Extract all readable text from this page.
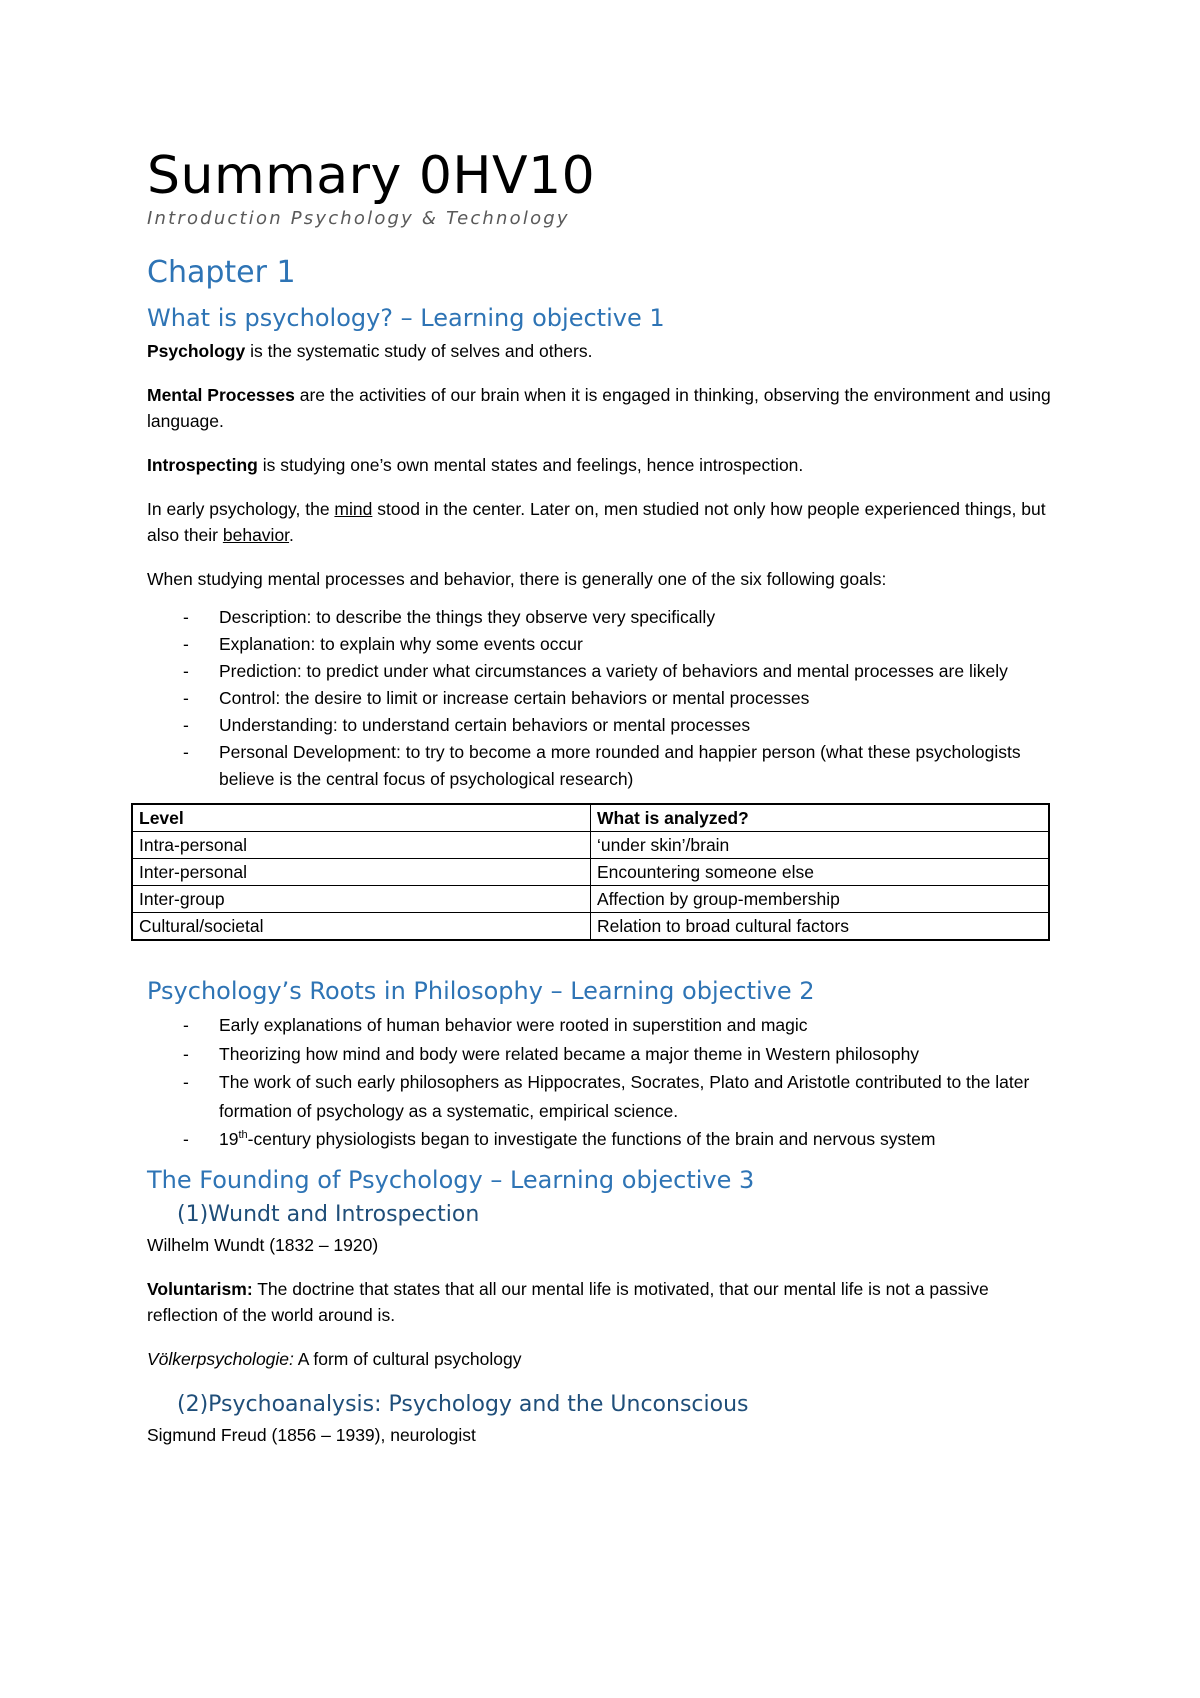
Summary 0HV10
Introduction Psychology & Technology
Chapter 1
What is psychology? – Learning objective 1

Psychology is the systematic study of selves and others.

Mental Processes are the activities of our brain when it is engaged in thinking, observing the environment and using language.

Introspecting is studying one’s own mental states and feelings, hence introspection.

In early psychology, the mind stood in the center. Later on, men studied not only how people experienced things, but also their behavior.

When studying mental processes and behavior, there is generally one of the six following goals:

- Description: to describe the things they observe very specifically
- Explanation: to explain why some events occur
- Prediction: to predict under what circumstances a variety of behaviors and mental processes are likely
- Control: the desire to limit or increase certain behaviors or mental processes
- Understanding: to understand certain behaviors or mental processes
- Personal Development: to try to become a more rounded and happier person (what these psychologists believe is the central focus of psychological research)
Level	What is analyzed?
Intra-personal	‘under skin’/brain
Inter-personal	Encountering someone else
Inter-group	Affection by group-membership
Cultural/societal	Relation to broad cultural factors
Psychology’s Roots in Philosophy – Learning objective 2
- Early explanations of human behavior were rooted in superstition and magic
- Theorizing how mind and body were related became a major theme in Western philosophy
- The work of such early philosophers as Hippocrates, Socrates, Plato and Aristotle contributed to the later formation of psychology as a systematic, empirical science.
- 19th-century physiologists began to investigate the functions of the brain and nervous system
The Founding of Psychology – Learning objective 3
(1)Wundt and Introspection

Wilhelm Wundt (1832 – 1920)

Voluntarism: The doctrine that states that all our mental life is motivated, that our mental life is not a passive reflection of the world around is.

Völkerpsychologie: A form of cultural psychology

(2)Psychoanalysis: Psychology and the Unconscious

Sigmund Freud (1856 – 1939), neurologist
